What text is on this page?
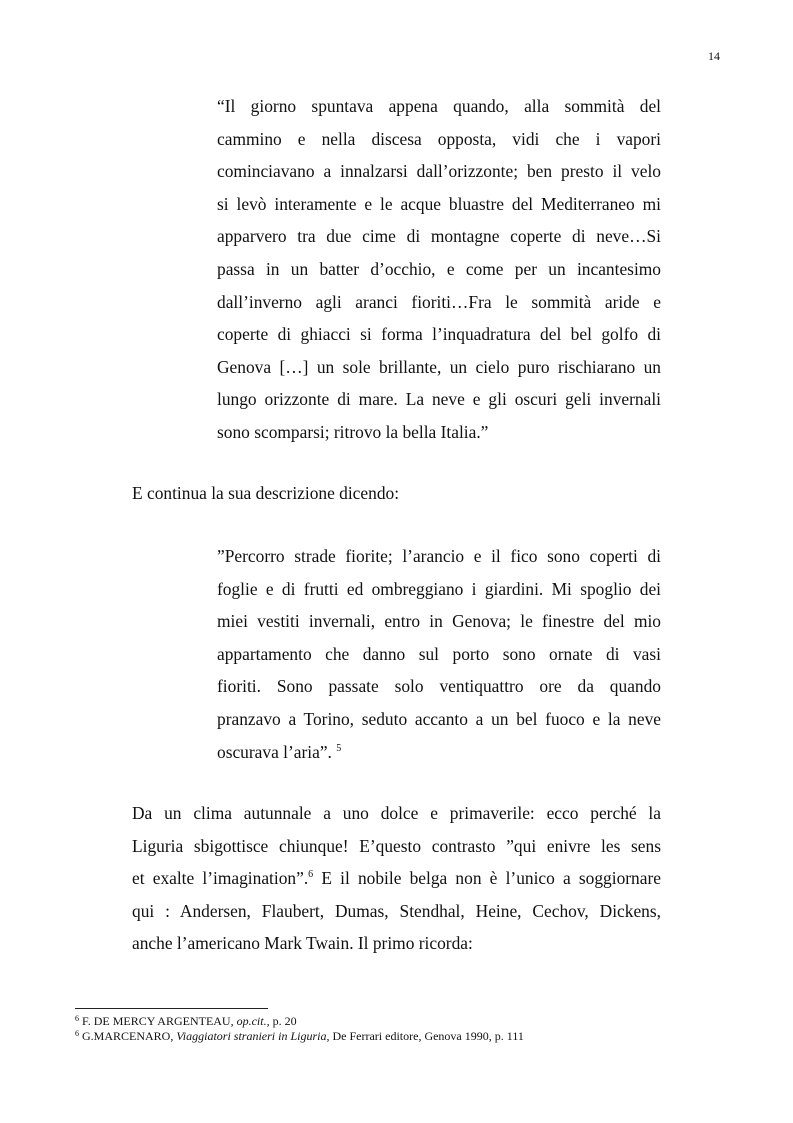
14
“Il giorno spuntava appena quando, alla sommità del
cammino e nella discesa opposta, vidi che i vapori
cominciavano a innalzarsi dall’orizzonte; ben presto il velo
si levò interamente e le acque bluastre del Mediterraneo mi
apparvero tra due cime di montagne coperte di neve…Si
passa in un batter d’occhio, e come per un incantesimo
dall’inverno agli aranci fioriti…Fra le sommità aride e
coperte di ghiacci si forma l’inquadratura del bel golfo di
Genova […] un sole brillante, un cielo puro rischiarano un
lungo orizzonte di mare. La neve e gli oscuri geli invernali
sono scomparsi; ritrovo la bella Italia.”
E continua la sua descrizione dicendo:
”Percorro strade fiorite; l’arancio e il fico sono coperti di
foglie e di frutti ed ombreggiano i giardini. Mi spoglio dei
miei vestiti invernali, entro in Genova; le finestre del mio
appartamento che danno sul porto sono ornate di vasi
fioriti. Sono passate solo ventiquattro ore da quando
pranzavo a Torino, seduto accanto a un bel fuoco e la neve
oscurava l’aria”. $^5$
Da un clima autunnale a uno dolce e primaverile: ecco perché la
Liguria sbigottisce chiunque! E’questo contrasto ”qui enivre les sens
et exalte l’imagination”.$^6$ E il nobile belga non è l’unico a soggiornare
qui : Andersen, Flaubert, Dumas, Stendhal, Heine, Cechov, Dickens,
anche l’americano Mark Twain. Il primo ricorda:
$^6$ F. DE MERCY ARGENTEAU, op.cit., p. 20
$^6$ G.MARCENARO, Viaggiatori stranieri in Liguria, De Ferrari editore, Genova 1990, p. 111
